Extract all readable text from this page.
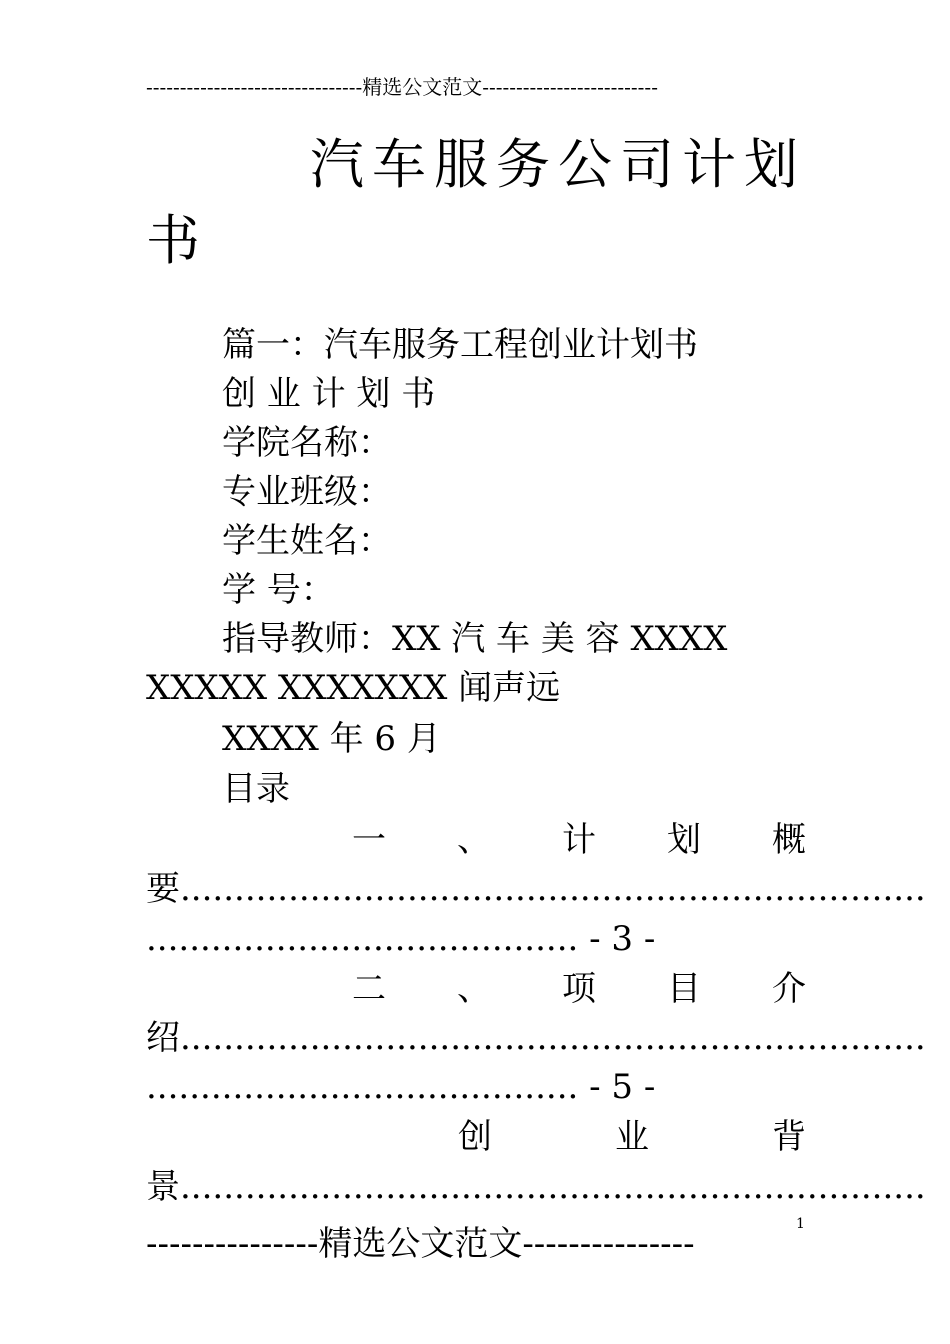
--------------------------------精选公文范文--------------------------
汽车服务公司计划
书
篇一：汽车服务工程创业计划书
创 业 计 划 书
学院名称：
专业班级：
学生姓名：
学 号：
指导教师：XX 汽 车 美 容 XXXX
XXXXX XXXXXXX 闻声远
XXXX 年 6 月
目录
一 、 计 划 概
要.....................................................................
........................................ - 3 -
二 、 项 目 介
绍.....................................................................
........................................ - 5 -
创	业	背
景.....................................................................
---------------精选公文范文---------------	1
